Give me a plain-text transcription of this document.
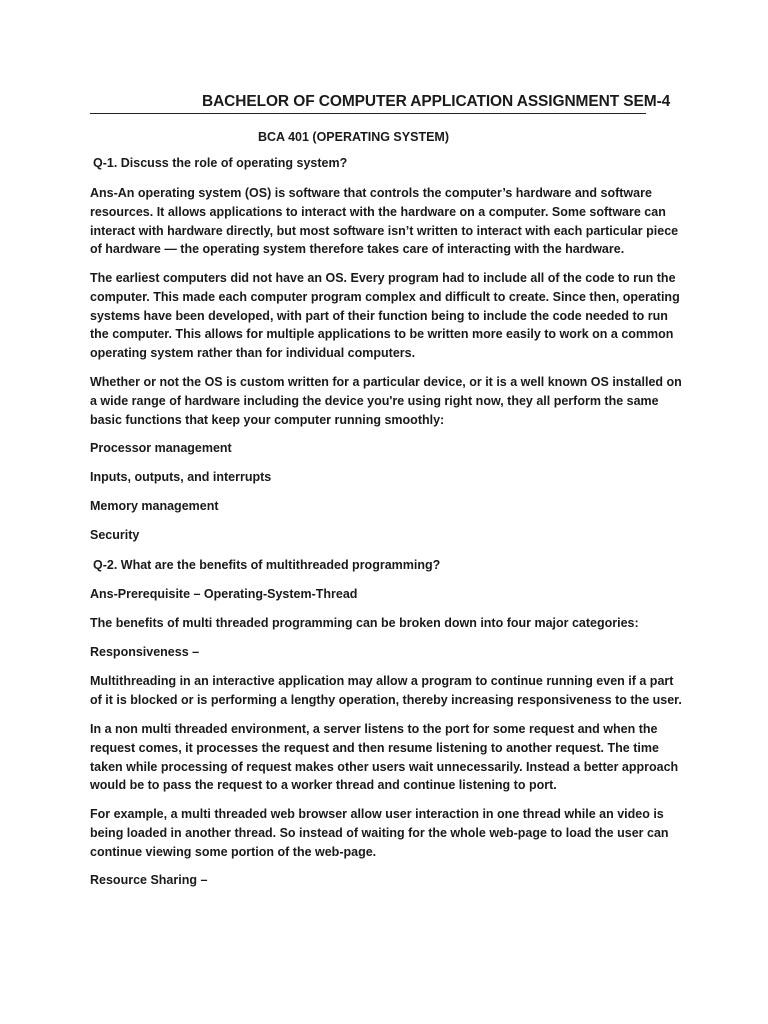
BACHELOR OF COMPUTER APPLICATION ASSIGNMENT SEM-4
BCA 401 (OPERATING SYSTEM)
Q-1. Discuss the role of operating system?
Ans-An operating system (OS) is software that controls the computer’s hardware and software resources. It allows applications to interact with the hardware on a computer. Some software can interact with hardware directly, but most software isn’t written to interact with each particular piece of hardware — the operating system therefore takes care of interacting with the hardware.
The earliest computers did not have an OS. Every program had to include all of the code to run the computer. This made each computer program complex and difficult to create. Since then, operating systems have been developed, with part of their function being to include the code needed to run the computer. This allows for multiple applications to be written more easily to work on a common operating system rather than for individual computers.
Whether or not the OS is custom written for a particular device, or it is a well known OS installed on a wide range of hardware including the device you're using right now, they all perform the same basic functions that keep your computer running smoothly:
Processor management
Inputs, outputs, and interrupts
Memory management
Security
Q-2. What are the benefits of multithreaded programming?
Ans-Prerequisite – Operating-System-Thread
The benefits of multi threaded programming can be broken down into four major categories:
Responsiveness –
Multithreading in an interactive application may allow a program to continue running even if a part of it is blocked or is performing a lengthy operation, thereby increasing responsiveness to the user.
In a non multi threaded environment, a server listens to the port for some request and when the request comes, it processes the request and then resume listening to another request. The time taken while processing of request makes other users wait unnecessarily. Instead a better approach would be to pass the request to a worker thread and continue listening to port.
For example, a multi threaded web browser allow user interaction in one thread while an video is being loaded in another thread. So instead of waiting for the whole web-page to load the user can continue viewing some portion of the web-page.
Resource Sharing –
